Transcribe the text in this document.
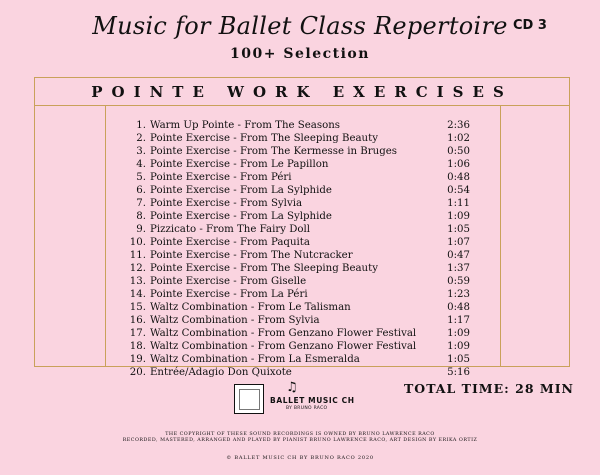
Music for Ballet Class Repertoire
100+ Selection
CD 3
POINTE WORK EXERCISES
1. Warm Up Pointe - From The Seasons	2:36
2. Pointe Exercise - From The Sleeping Beauty	1:02
3. Pointe Exercise - From The Kermesse in Bruges	0:50
4. Pointe Exercise - From Le Papillon	1:06
5. Pointe Exercise - From Péri	0:48
6. Pointe Exercise - From La Sylphide	0:54
7. Pointe Exercise - From Sylvia	1:11
8. Pointe Exercise - From La Sylphide	1:09
9. Pizzicato - From The Fairy Doll	1:05
10. Pointe Exercise - From Paquita	1:07
11. Pointe Exercise - From The Nutcracker	0:47
12. Pointe Exercise - From The Sleeping Beauty	1:37
13. Pointe Exercise - From Giselle	0:59
14. Pointe Exercise - From La Péri	1:23
15. Waltz Combination - From Le Talisman	0:48
16. Waltz Combination - From Sylvia	1:17
17. Waltz Combination - From Genzano Flower Festival	1:09
18. Waltz Combination - From Genzano Flower Festival	1:09
19. Waltz Combination - From La Esmeralda	1:05
20. Entrée/Adagio Don Quixote	5:16
TOTAL TIME: 28 MIN
♫
BALLET MUSIC CH
BY BRUNO RACO
THE COPYRIGHT OF THESE SOUND RECORDINGS IS OWNED BY BRUNO LAWRENCE RACO
RECORDED, MASTERED, ARRANGED AND PLAYED BY PIANIST BRUNO LAWRENCE RACO, ART DESIGN BY ERIKA ORTIZ
© BALLET MUSIC CH BY BRUNO RACO 2020
